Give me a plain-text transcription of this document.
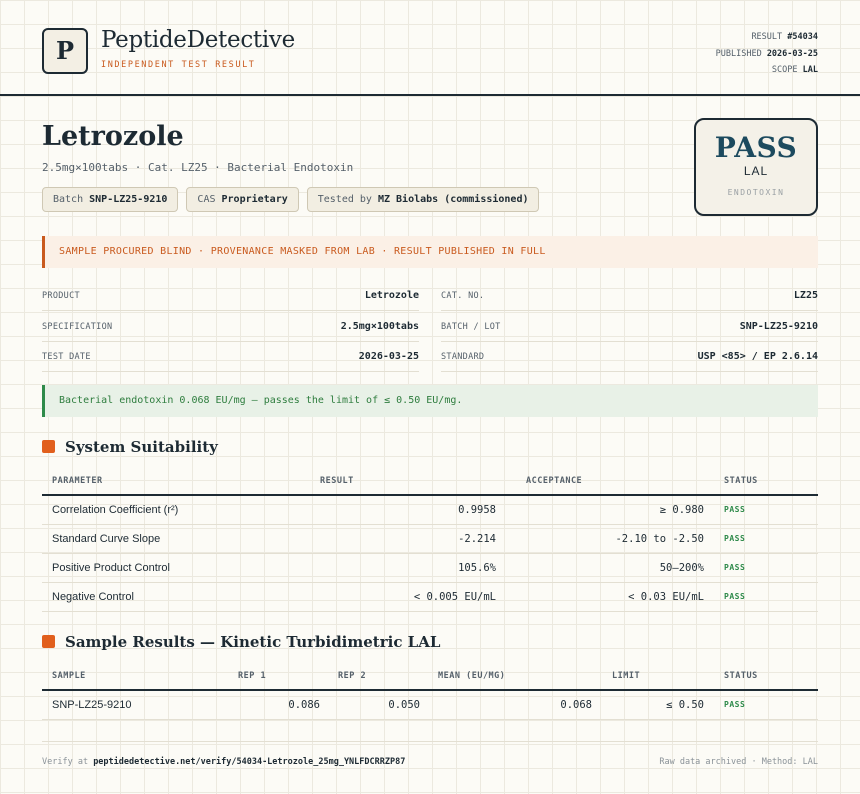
P	PeptideDetective
INDEPENDENT TEST RESULT
RESULT #54034
PUBLISHED 2026-03-25
SCOPE LAL
Letrozole
2.5mg×100tabs · Cat. LZ25 · Bacterial Endotoxin
Batch SNP-LZ25-9210	CAS Proprietary	Tested by MZ Biolabs (commissioned)
PASS
LAL
ENDOTOXIN
SAMPLE PROCURED BLIND · PROVENANCE MASKED FROM LAB · RESULT PUBLISHED IN FULL
PRODUCT	Letrozole
SPECIFICATION	2.5mg×100tabs
TEST DATE	2026-03-25
CAT. NO.	LZ25
BATCH / LOT	SNP-LZ25-9210
STANDARD	USP <85> / EP 2.6.14
Bacterial endotoxin 0.068 EU/mg — passes the limit of ≤ 0.50 EU/mg.
System Suitability
PARAMETER	RESULT	ACCEPTANCE	STATUS
Correlation Coefficient (r²)	0.9958	≥ 0.980	PASS
Standard Curve Slope	-2.214	-2.10 to -2.50	PASS
Positive Product Control	105.6%	50–200%	PASS
Negative Control	< 0.005 EU/mL	< 0.03 EU/mL	PASS
Sample Results — Kinetic Turbidimetric LAL
SAMPLE	REP 1	REP 2	MEAN (EU/MG)	LIMIT	STATUS
SNP-LZ25-9210	0.086	0.050	0.068	≤ 0.50	PASS
Verify at peptidedetective.net/verify/54034-Letrozole_25mg_YNLFDCRRZP87	Raw data archived · Method: LAL
